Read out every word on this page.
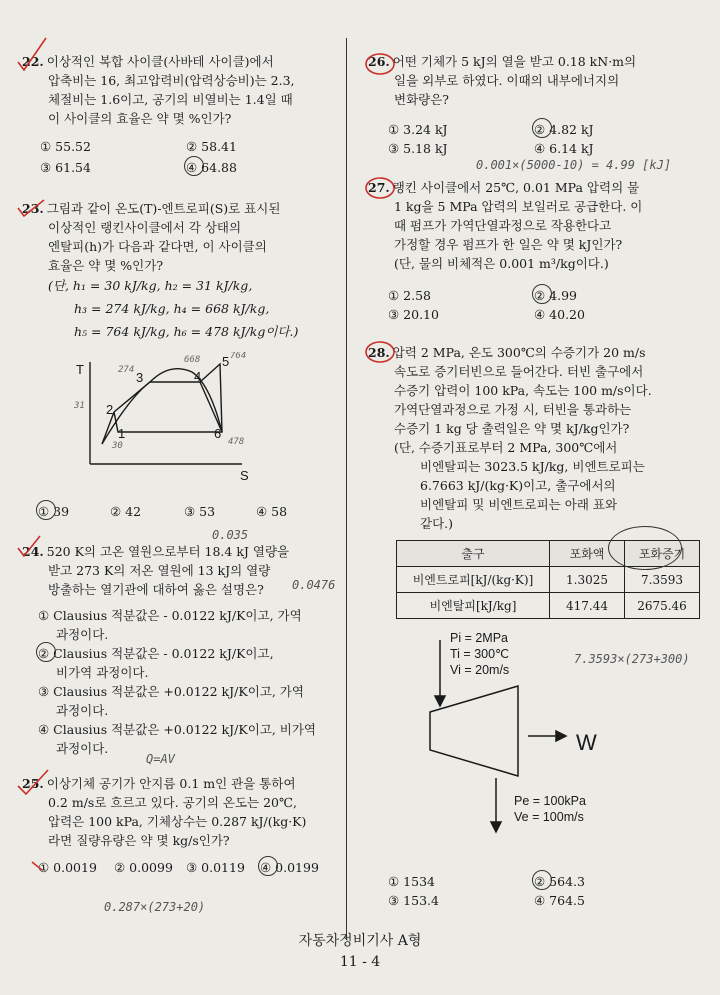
22. 이상적인 복합 사이클(사바테 사이클)에서
압축비는 16, 최고압력비(압력상승비)는 2.3,
체절비는 1.6이고, 공기의 비열비는 1.4일 때
이 사이클의 효율은 약 몇 %인가?
① 55.52	② 58.41
③ 61.54	④ 64.88
23. 그림과 같이 온도(T)-엔트로피(S)로 표시된
이상적인 랭킨사이클에서 각 상태의
엔탈피(h)가 다음과 같다면, 이 사이클의
효율은 약 몇 %인가?
(단, h₁ = 30 kJ/kg, h₂ = 31 kJ/kg,
h₃ = 274 kJ/kg, h₄ = 668 kJ/kg,
h₅ = 764 kJ/kg, h₆ = 478 kJ/kg이다.)
T
S
1
2
3	4
5
6
274
668	764
31
30	478
① 39	② 42	③ 53	④ 58
0.035
24. 520 K의 고온 열원으로부터 18.4 kJ 열량을
받고 273 K의 저온 열원에 13 kJ의 열량
방출하는 열기관에 대하여 옳은 설명은?	0.0476
① Clausius 적분값은 - 0.0122 kJ/K이고, 가역
과정이다.
② Clausius 적분값은 - 0.0122 kJ/K이고,
비가역 과정이다.
③ Clausius 적분값은 +0.0122 kJ/K이고, 가역
과정이다.
④ Clausius 적분값은 +0.0122 kJ/K이고, 비가역
과정이다.
Q=AV
25. 이상기체 공기가 안지름 0.1 m인 관을 통하여
0.2 m/s로 흐르고 있다. 공기의 온도는 20℃,
압력은 100 kPa, 기체상수는 0.287 kJ/(kg·K)
라면 질량유량은 약 몇 kg/s인가?
① 0.0019 ② 0.0099 ③ 0.0119 ④ 0.0199
0.287×(273+20)
26. 어떤 기체가 5 kJ의 열을 받고 0.18 kN·m의
일을 외부로 하였다. 이때의 내부에너지의
변화량은?
① 3.24 kJ	② 4.82 kJ
③ 5.18 kJ	④ 6.14 kJ
0.001×(5000-10) = 4.99 [kJ]
27. 랭킨 사이클에서 25℃, 0.01 MPa 압력의 물
1 kg을 5 MPa 압력의 보일러로 공급한다. 이
때 펌프가 가역단열과정으로 작용한다고
가정할 경우 펌프가 한 일은 약 몇 kJ인가?
(단, 물의 비체적은 0.001 m³/kg이다.)
① 2.58	② 4.99
③ 20.10	④ 40.20
28. 압력 2 MPa, 온도 300℃의 수증기가 20 m/s
속도로 증기터빈으로 들어간다. 터빈 출구에서
수증기 압력이 100 kPa, 속도는 100 m/s이다.
가역단열과정으로 가정 시, 터빈을 통과하는
수증기 1 kg 당 출력일은 약 몇 kJ/kg인가?
(단, 수증기표로부터 2 MPa, 300℃에서
비엔탈피는 3023.5 kJ/kg, 비엔트로피는
6.7663 kJ/(kg·K)이고, 출구에서의
비엔탈피 및 비엔트로피는 아래 표와
같다.)
출구	포화액	포화증기
비엔트로피[kJ/(kg·K)]	1.3025	7.3593
비엔탈피[kJ/kg]	417.44	2675.46
Pi = 2MPa
Ti = 300℃
Vi = 20m/s
W
Pe = 100kPa
Ve = 100m/s
7.3593×(273+300)
① 1534	② 564.3
③ 153.4	④ 764.5
자동차정비기사 A형
11 - 4
